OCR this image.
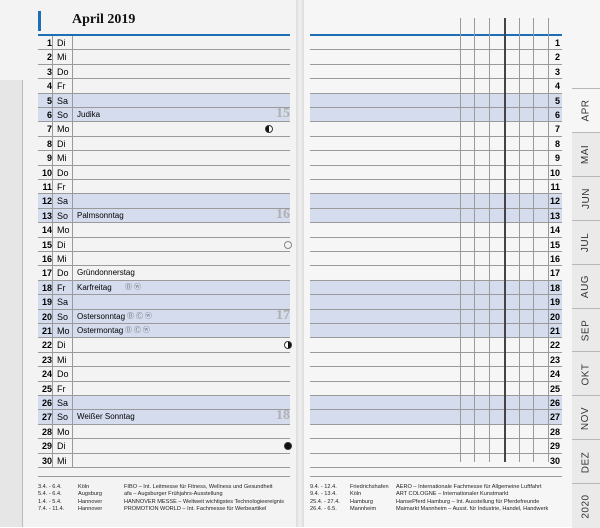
April 2019
1 Di
2 Mi
3 Do
4 Fr
5 Sa
6 So Judika
7 Mo
8 Di
9 Mi
10 Do
11 Fr
12 Sa
13 So Palmsonntag
14 Mo
15 Di
16 Mi
17 Do Gründonnerstag
18 Fr Karfreitag Ⓑ ⓦ
19 Sa
20 So Ostersonntag Ⓑ Ⓒ ⓦ
21 Mo Ostermontag Ⓑ Ⓒ ⓦ
22 Di
23 Mi
24 Do
25 Fr
26 Sa
27 So Weißer Sonntag
28 Mo
29 Di
30 Mi
15
16
17
18
1
2
3
4
5
6
7
8
9
10
11
12
13
14
15
16
17
18
19
20
21
22
23
24
25
26
27
28
29
30
APR
MAI
JUN
JUL
AUG
SEP
OKT
NOV
DEZ
2020
3.4. - 6.4.	Köln	FIBO – Int. Leitmesse für Fitness, Wellness und Gesundheit
5.4. - 6.4.	Augsburg	afa – Augsburger Frühjahrs-Ausstellung
1.4. - 5.4.	Hannover	HANNOVER MESSE – Weltweit wichtigstes Technologieereignis
7.4. - 11.4. Hannover	PROMOTION WORLD – Int. Fachmesse für Werbeartikel
9.4. - 12.4. Friedrichshafen AERO – Internationale Fachmesse für Allgemeine Luftfahrt
9.4. - 13.4. Köln	ART COLOGNE – Internationaler Kunstmarkt
25.4. - 27.4. Hamburg	HansePferd Hamburg – Int. Ausstellung für Pferdefreunde
26.4. - 6.5. Mannheim	Maimarkt Mannheim – Ausst. für Industrie, Handel, Handwerk
